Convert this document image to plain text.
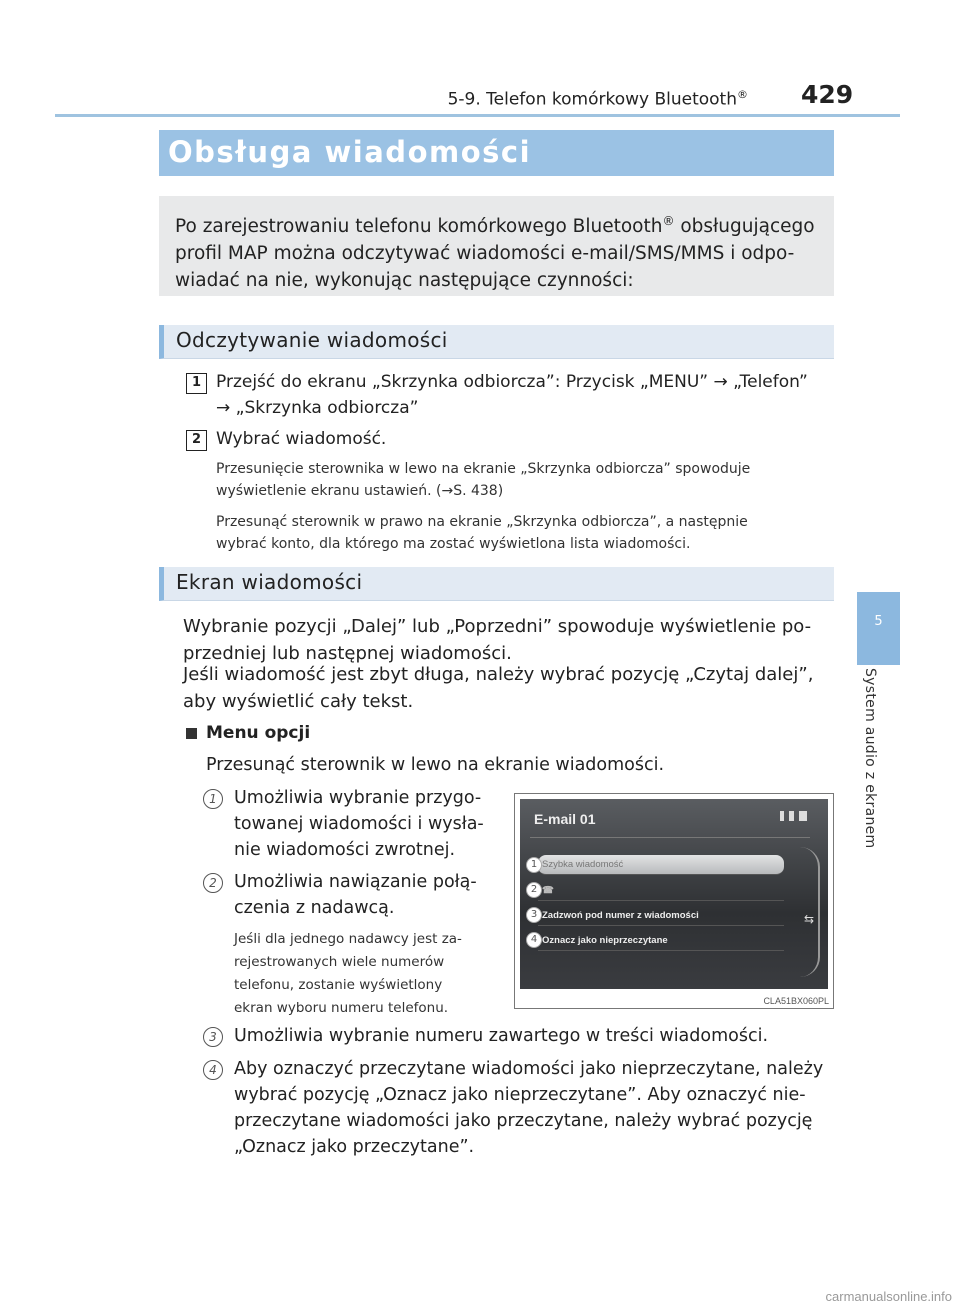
5-9. Telefon komórkowy Bluetooth® 429
5
System audio z ekranem
Obsługa wiadomości
Po zarejestrowaniu telefonu komórkowego Bluetooth® obsługującego
profil MAP można odczytywać wiadomości e-mail/SMS/MMS i odpo-
wiadać na nie, wykonując następujące czynności:
Odczytywanie wiadomości
1 Przejść do ekranu „Skrzynka odbiorcza”: Przycisk „MENU” → „Telefon”
→ „Skrzynka odbiorcza”
2 Wybrać wiadomość.
Przesunięcie sterownika w lewo na ekranie „Skrzynka odbiorcza” spowoduje
wyświetlenie ekranu ustawień. (→S. 438)
Przesunąć sterownik w prawo na ekranie „Skrzynka odbiorcza”, a następnie
wybrać konto, dla którego ma zostać wyświetlona lista wiadomości.
Ekran wiadomości
Wybranie pozycji „Dalej” lub „Poprzedni” spowoduje wyświetlenie po-
przedniej lub następnej wiadomości.
Jeśli wiadomość jest zbyt długa, należy wybrać pozycję „Czytaj dalej”,
aby wyświetlić cały tekst.
Menu opcji
Przesunąć sterownik w lewo na ekranie wiadomości.
1 Umożliwia wybranie przygo-
towanej wiadomości i wysła-
nie wiadomości zwrotnej.
2 Umożliwia nawiązanie połą-
czenia z nadawcą.
Jeśli dla jednego nadawcy jest za-
rejestrowanych wiele numerów
telefonu, zostanie wyświetlony
ekran wyboru numeru telefonu.
3 Umożliwia wybranie numeru zawartego w treści wiadomości.
4 Aby oznaczyć przeczytane wiadomości jako nieprzeczytane, należy
wybrać pozycję „Oznacz jako nieprzeczytane”. Aby oznaczyć nie-
przeczytane wiadomości jako przeczytane, należy wybrać pozycję
„Oznacz jako przeczytane”.
E-mail 01
Szybka wiadomość
☎
Zadzwoń pod numer z wiadomości
Oznacz jako nieprzeczytane
1
2
3
4
⇆
CLA51BX060PL
carmanualsonline.info
